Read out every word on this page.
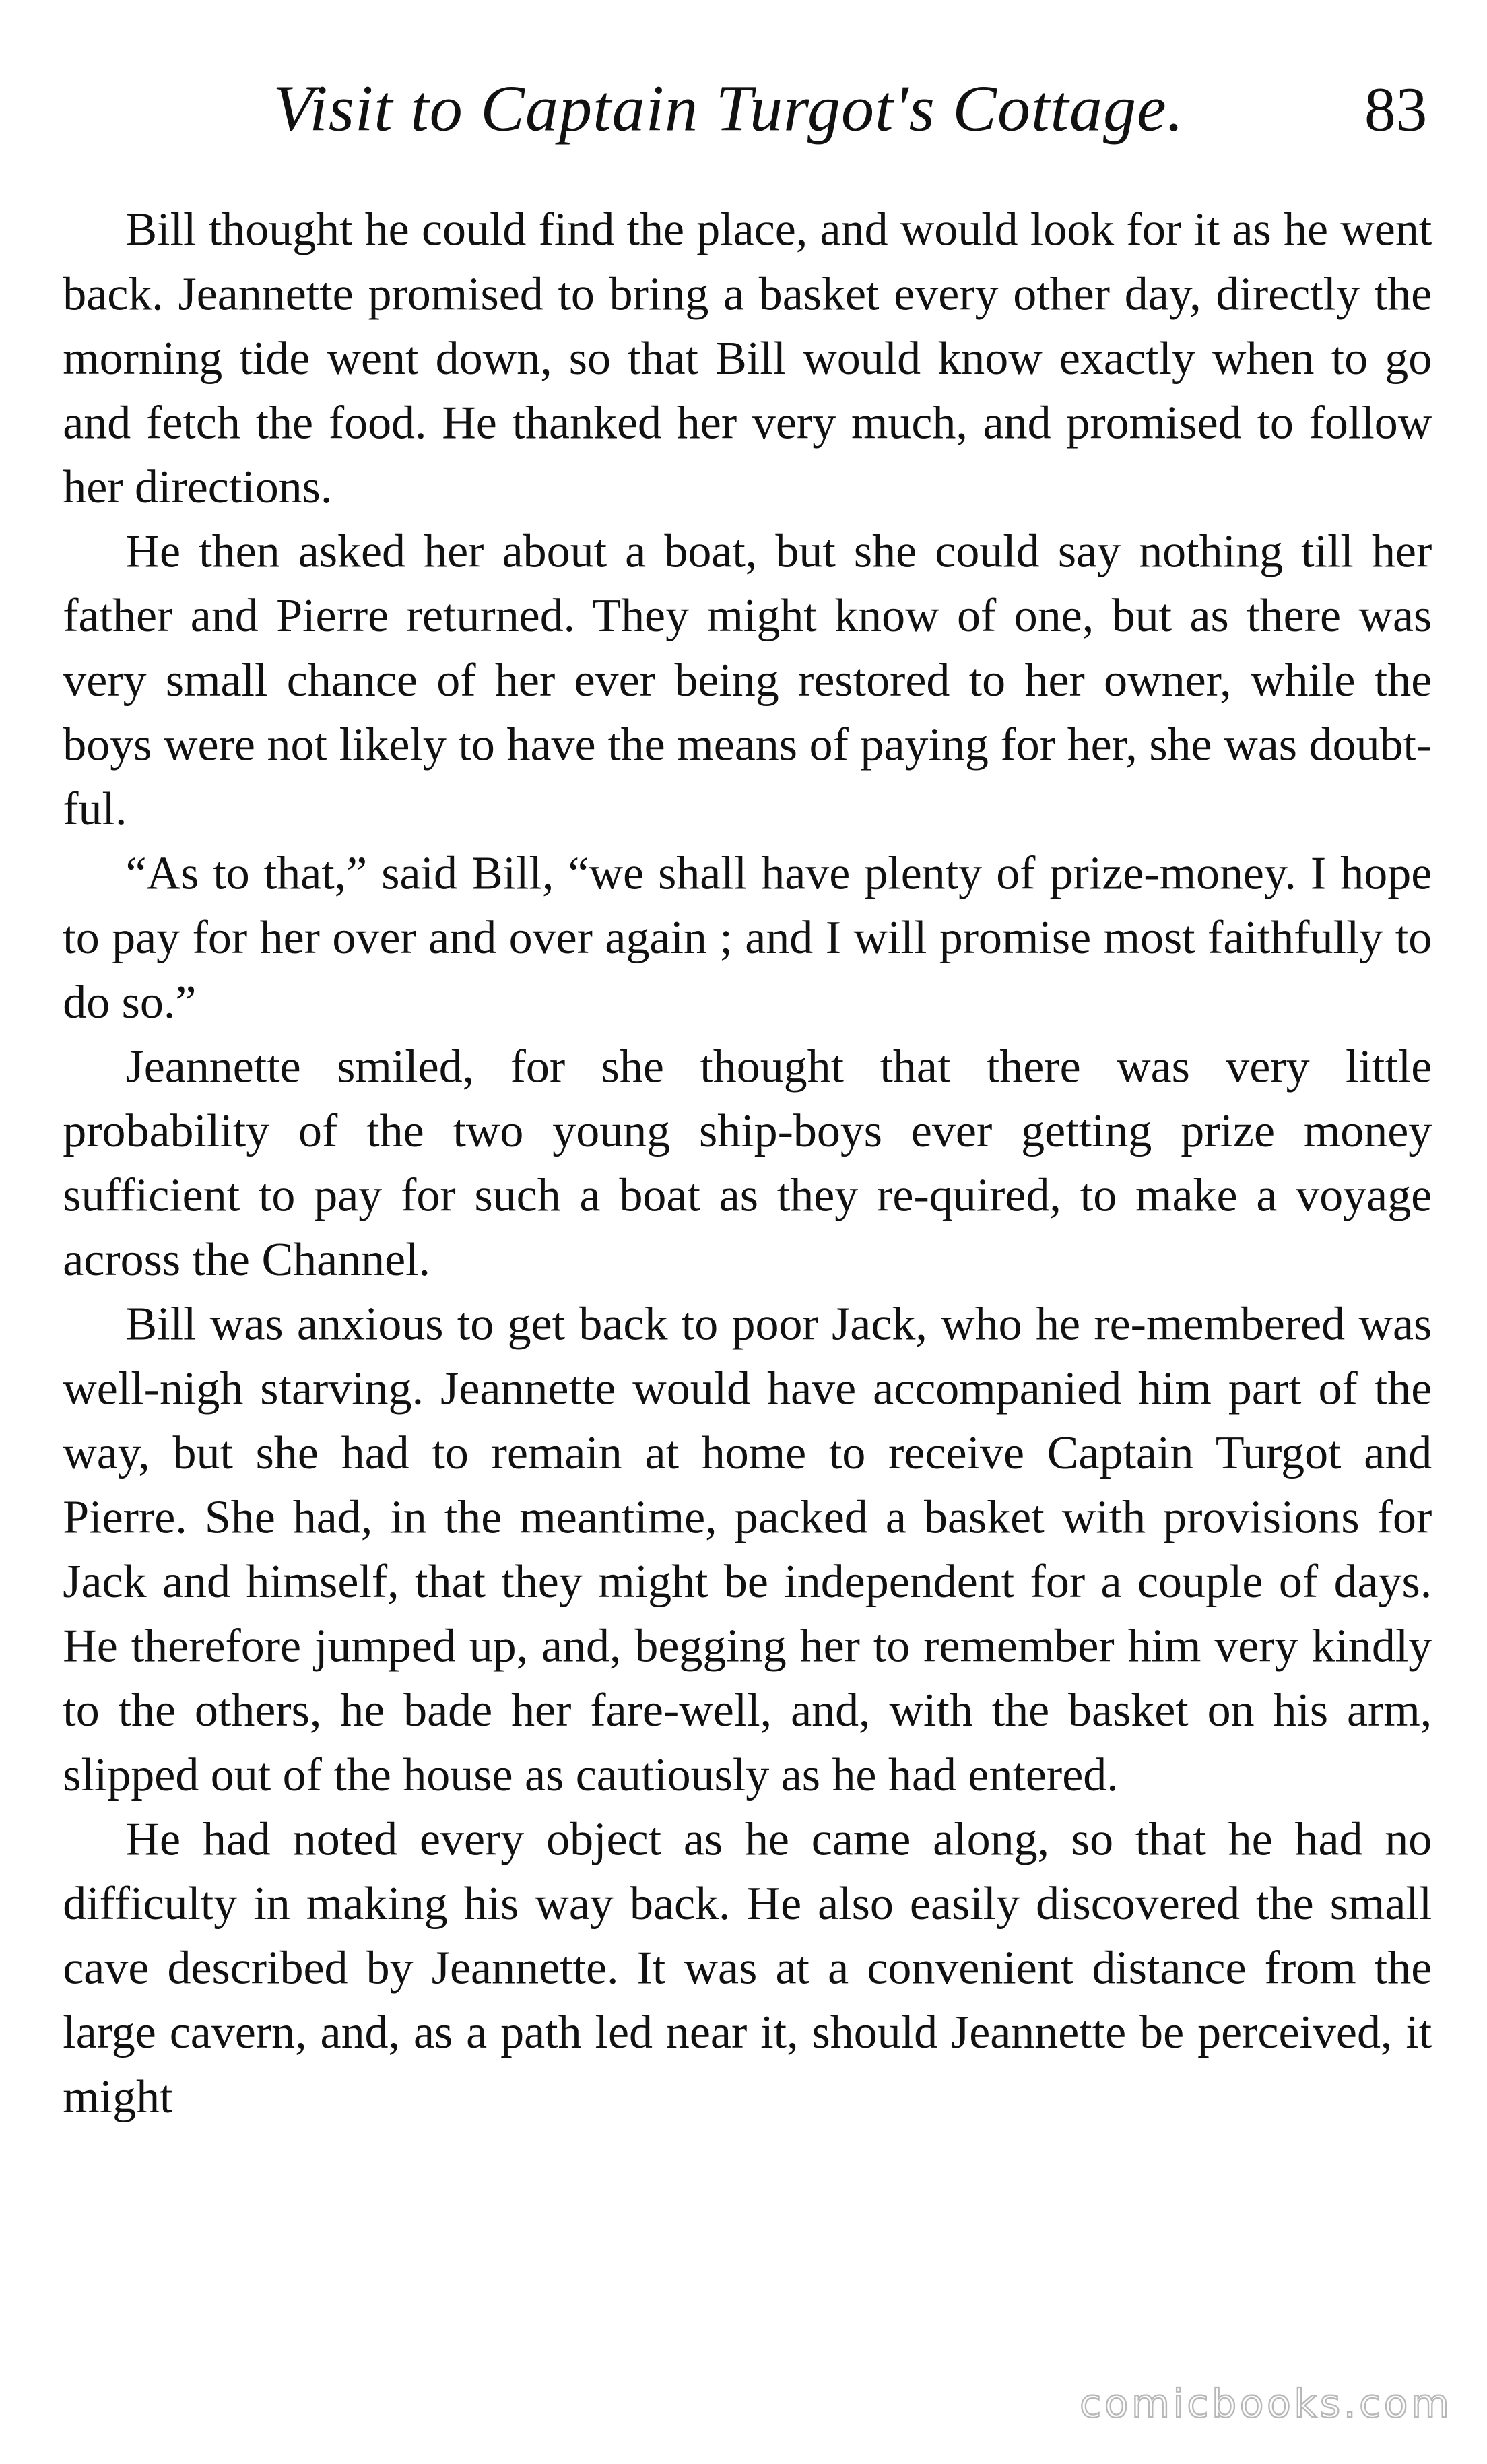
Visit to Captain Turgot's Cottage.	83

Bill thought he could find the place, and would look for it as he went back. Jeannette promised to bring a basket every other day, directly the morning tide went down, so that Bill would know exactly when to go and fetch the food. He thanked her very much, and promised to follow her directions.

He then asked her about a boat, but she could say nothing till her father and Pierre returned. They might know of one, but as there was very small chance of her ever being restored to her owner, while the boys were not likely to have the means of paying for her, she was doubt-ful.

“As to that,” said Bill, “we shall have plenty of prize-money. I hope to pay for her over and over again ; and I will promise most faithfully to do so.”

Jeannette smiled, for she thought that there was very little probability of the two young ship-boys ever getting prize money sufficient to pay for such a boat as they re-quired, to make a voyage across the Channel.

Bill was anxious to get back to poor Jack, who he re-membered was well-nigh starving. Jeannette would have accompanied him part of the way, but she had to remain at home to receive Captain Turgot and Pierre. She had, in the meantime, packed a basket with provisions for Jack and himself, that they might be independent for a couple of days. He therefore jumped up, and, begging her to remember him very kindly to the others, he bade her fare-well, and, with the basket on his arm, slipped out of the house as cautiously as he had entered.

He had noted every object as he came along, so that he had no difficulty in making his way back. He also easily discovered the small cave described by Jeannette. It was at a convenient distance from the large cavern, and, as a path led near it, should Jeannette be perceived, it might

comicbooks.com
